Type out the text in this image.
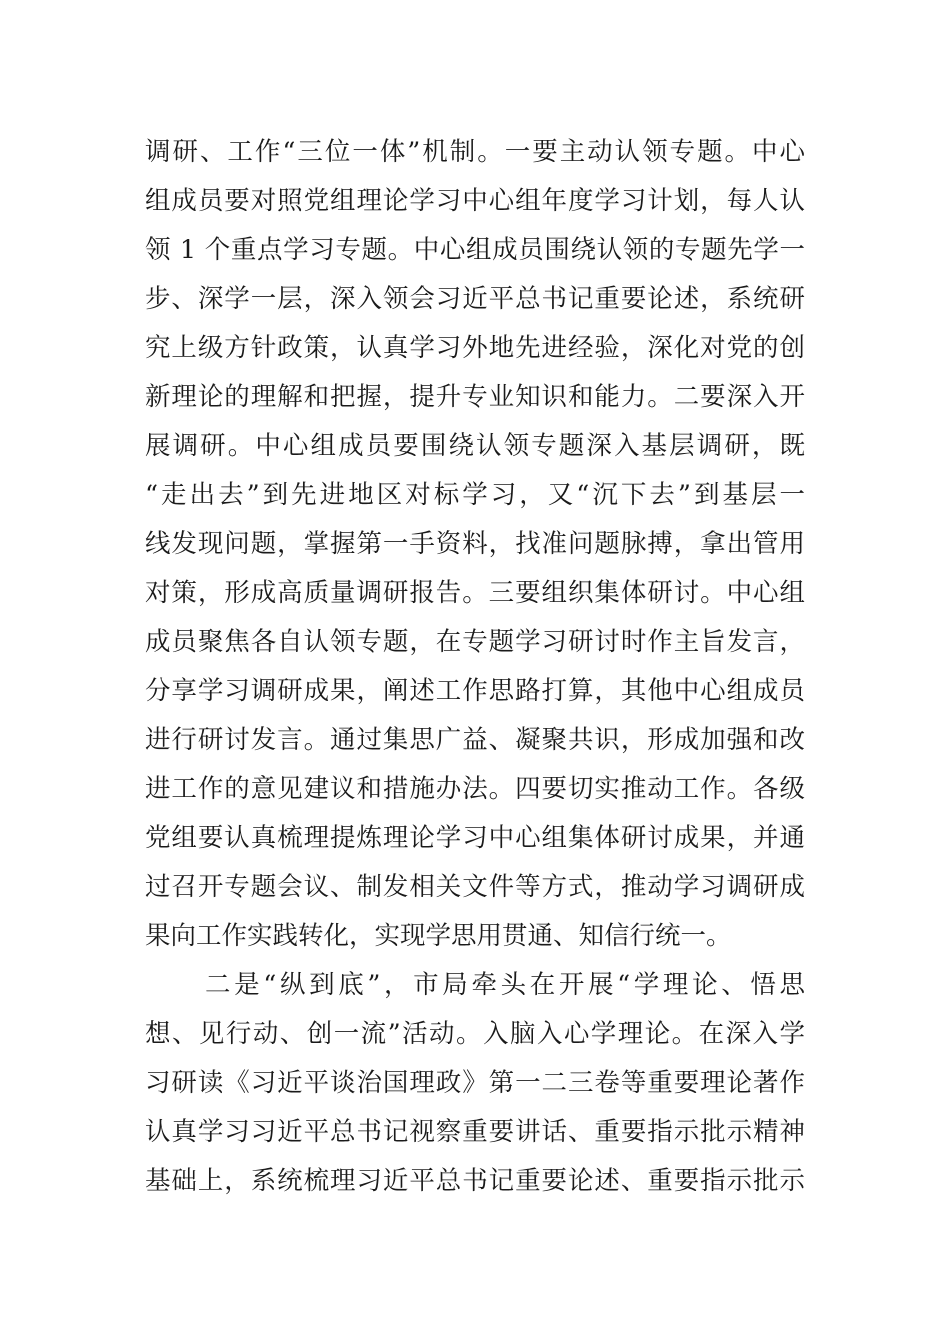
调研、工作“三位一体”机制。一要主动认领专题。中心
组成员要对照党组理论学习中心组年度学习计划，每人认
领 1 个重点学习专题。中心组成员围绕认领的专题先学一
步、深学一层，深入领会习近平总书记重要论述，系统研
究上级方针政策，认真学习外地先进经验，深化对党的创
新理论的理解和把握，提升专业知识和能力。二要深入开
展调研。中心组成员要围绕认领专题深入基层调研，既
“走出去”到先进地区对标学习，又“沉下去”到基层一
线发现问题，掌握第一手资料，找准问题脉搏，拿出管用
对策，形成高质量调研报告。三要组织集体研讨。中心组
成员聚焦各自认领专题，在专题学习研讨时作主旨发言，
分享学习调研成果，阐述工作思路打算，其他中心组成员
进行研讨发言。通过集思广益、凝聚共识，形成加强和改
进工作的意见建议和措施办法。四要切实推动工作。各级
党组要认真梳理提炼理论学习中心组集体研讨成果，并通
过召开专题会议、制发相关文件等方式，推动学习调研成
果向工作实践转化，实现学思用贯通、知信行统一。
二是“纵到底”，市局牵头在开展“学理论、悟思
想、见行动、创一流”活动。入脑入心学理论。在深入学
习研读《习近平谈治国理政》第一二三卷等重要理论著作
认真学习习近平总书记视察重要讲话、重要指示批示精神
基础上，系统梳理习近平总书记重要论述、重要指示批示
